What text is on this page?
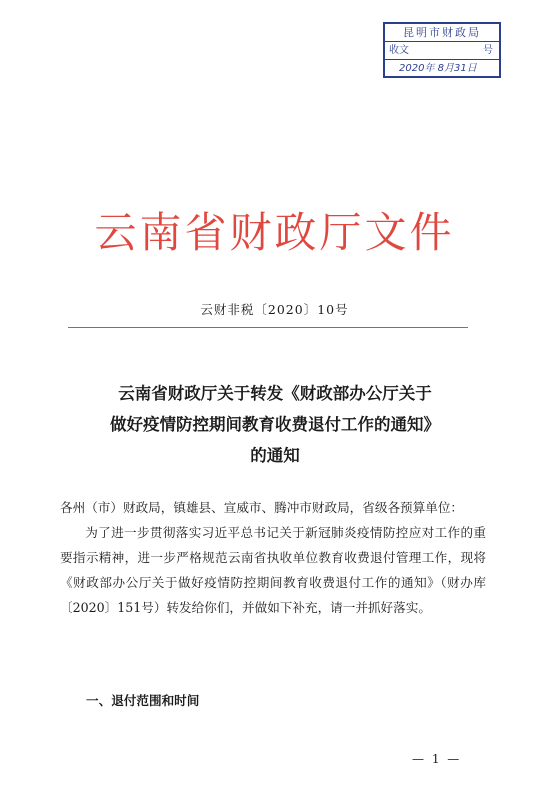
昆明市财政局
收文	号
2020年 8月31日
云南省财政厅文件
云财非税〔2020〕10号
云南省财政厅关于转发《财政部办公厅关于
做好疫情防控期间教育收费退付工作的通知》
的通知

各州（市）财政局，镇雄县、宣威市、腾冲市财政局，省级各预算单位：

为了进一步贯彻落实习近平总书记关于新冠肺炎疫情防控应对工作的重要指示精神，进一步严格规范云南省执收单位教育收费退付管理工作，现将《财政部办公厅关于做好疫情防控期间教育收费退付工作的通知》（财办库〔2020〕151号）转发给你们，并做如下补充，请一并抓好落实。

一、退付范围和时间
— 1 —
